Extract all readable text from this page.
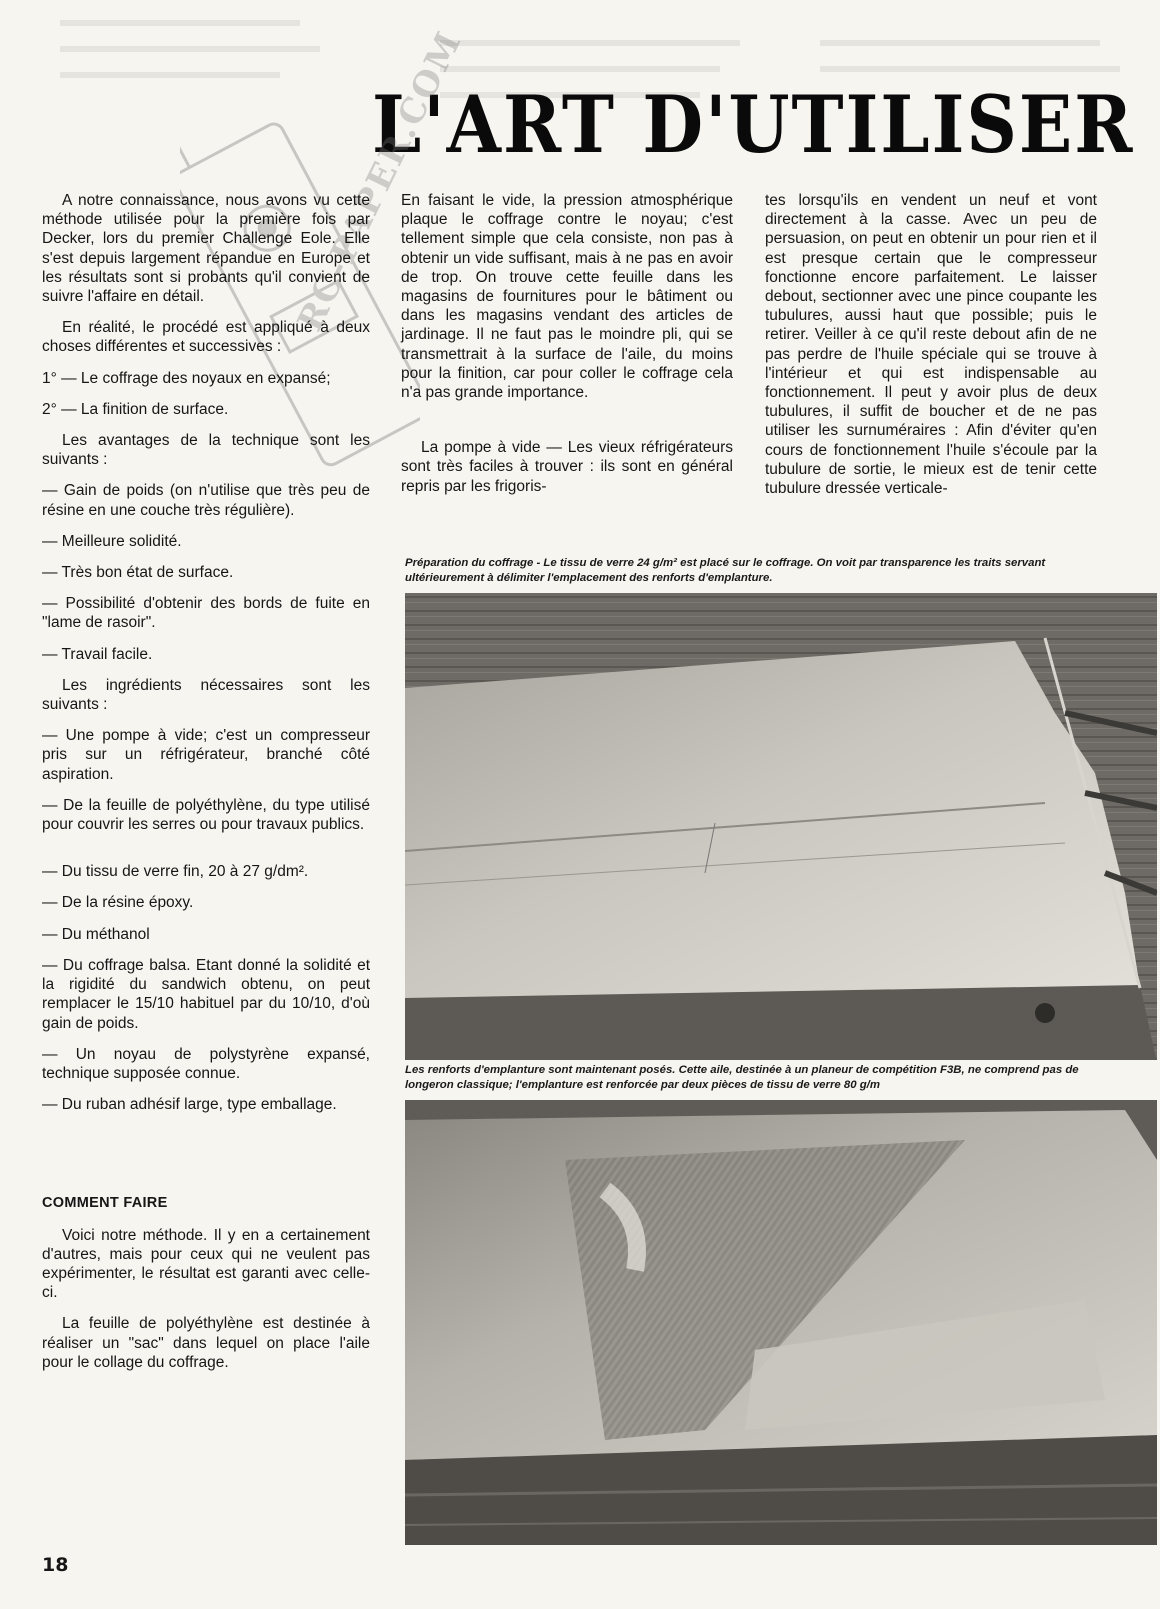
L'ART D'UTILISER
RC-PAPER.COM

A notre connaissance, nous avons vu cette méthode utilisée pour la première fois par Decker, lors du premier Challenge Eole. Elle s'est depuis largement répandue en Europe et les résultats sont si probants qu'il convient de suivre l'affaire en détail.

En réalité, le procédé est appliqué à deux choses différentes et successives :

1° — Le coffrage des noyaux en expansé;

2° — La finition de surface.

Les avantages de la technique sont les suivants :

— Gain de poids (on n'utilise que très peu de résine en une couche très régulière).

— Meilleure solidité.

— Très bon état de surface.

— Possibilité d'obtenir des bords de fuite en "lame de rasoir".

— Travail facile.

Les ingrédients nécessaires sont les suivants :

— Une pompe à vide; c'est un compresseur pris sur un réfrigérateur, branché côté aspiration.

— De la feuille de polyéthylène, du type utilisé pour couvrir les serres ou pour travaux publics.

— Du tissu de verre fin, 20 à 27 g/dm².

— De la résine époxy.

— Du méthanol

— Du coffrage balsa. Etant donné la solidité et la rigidité du sandwich obtenu, on peut remplacer le 15/10 habituel par du 10/10, d'où gain de poids.

— Un noyau de polystyrène expansé, technique supposée connue.

— Du ruban adhésif large, type emballage.

COMMENT FAIRE

Voici notre méthode. Il y en a certainement d'autres, mais pour ceux qui ne veulent pas expérimenter, le résultat est garanti avec celle-ci.

La feuille de polyéthylène est destinée à réaliser un "sac" dans lequel on place l'aile pour le collage du coffrage.

En faisant le vide, la pression atmosphérique plaque le coffrage contre le noyau; c'est tellement simple que cela consiste, non pas à obtenir un vide suffisant, mais à ne pas en avoir de trop. On trouve cette feuille dans les magasins de fournitures pour le bâtiment ou dans les magasins vendant des articles de jardinage. Il ne faut pas le moindre pli, qui se transmettrait à la surface de l'aile, du moins pour la finition, car pour coller le coffrage cela n'a pas grande importance.

La pompe à vide — Les vieux réfrigérateurs sont très faciles à trouver : ils sont en général repris par les frigoris-

tes lorsqu'ils en vendent un neuf et vont directement à la casse. Avec un peu de persuasion, on peut en obtenir un pour rien et il est presque certain que le compresseur fonctionne encore parfaitement. Le laisser debout, sectionner avec une pince coupante les tubulures, aussi haut que possible; puis le retirer. Veiller à ce qu'il reste debout afin de ne pas perdre de l'huile spéciale qui se trouve à l'intérieur et qui est indispensable au fonctionnement. Il peut y avoir plus de deux tubulures, il suffit de boucher et de ne pas utiliser les surnuméraires : Afin d'éviter qu'en cours de fonctionnement l'huile s'écoule par la tubulure de sortie, le mieux est de tenir cette tubulure dressée verticale-

Préparation du coffrage - Le tissu de verre 24 g/m² est placé sur le coffrage. On voit par transparence les traits servant ultérieurement à délimiter l'emplacement des renforts d'emplanture.
Les renforts d'emplanture sont maintenant posés. Cette aile, destinée à un planeur de compétition F3B, ne comprend pas de longeron classique; l'emplanture est renforcée par deux pièces de tissu de verre 80 g/m
18
